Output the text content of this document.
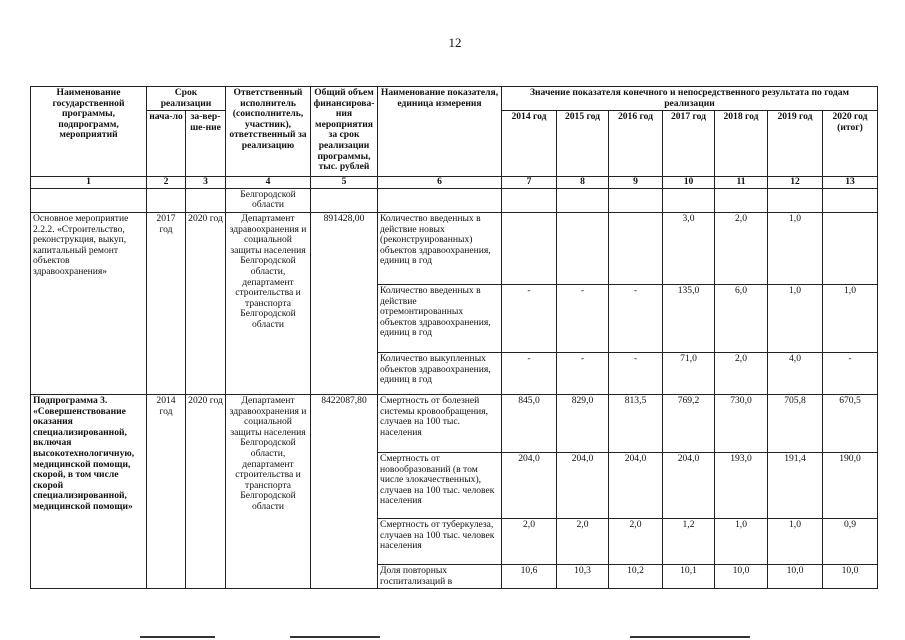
12
Наименование государственной программы, подпрограмм, мероприятий	Срок реализации		Ответственный исполнитель (соисполнитель, участник), ответственный за реализацию	Общий объем финансирова-ния мероприятия за срок реализации программы, тыс. рублей	Наименование показателя, единица измерения	Значение показателя конечного и непосредственного результата по годам реализации						
	нача-ло	за-вер-ше-ние				2014 год	2015 год	2016 год	2017 год	2018 год	2019 год	2020 год (итог)
1	2	3	4	5	6	7	8	9	10	11	12	13
			Белгородской области									
Основное мероприятие 2.2.2. «Строительство, реконструкция, выкуп, капитальный ремонт объектов здравоохранения»	2017 год	2020 год	Департамент здравоохранения и социальной защиты населения Белгородской области, департамент строительства и транспорта Белгородской области	891428,00	Количество введенных в действие новых (реконструированных) объектов здравоохранения, единиц в год				3,0	2,0	1,0	
					Количество введенных в действие отремонтированных объектов здравоохранения, единиц в год	-	-	-	135,0	6,0	1,0	1,0
					Количество выкупленных объектов здравоохранения, единиц в год	-	-	-	71,0	2,0	4,0	-
Подпрограмма 3. «Совершенствование оказания специализированной, включая высокотехнологичную, медицинской помощи, скорой, в том числе скорой специализированной, медицинской помощи»	2014 год	2020 год	Департамент здравоохранения и социальной защиты населения Белгородской области, департамент строительства и транспорта Белгородской области	8422087,80	Смертность от болезней системы кровообращения, случаев на 100 тыс. населения	845,0	829,0	813,5	769,2	730,0	705,8	670,5
					Смертность от новообразований (в том числе злокачественных), случаев на 100 тыс. человек населения	204,0	204,0	204,0	204,0	193,0	191,4	190,0
					Смертность от туберкулеза, случаев на 100 тыс. человек населения	2,0	2,0	2,0	1,2	1,0	1,0	0,9
					Доля повторных госпитализаций в	10,6	10,3	10,2	10,1	10,0	10,0	10,0
